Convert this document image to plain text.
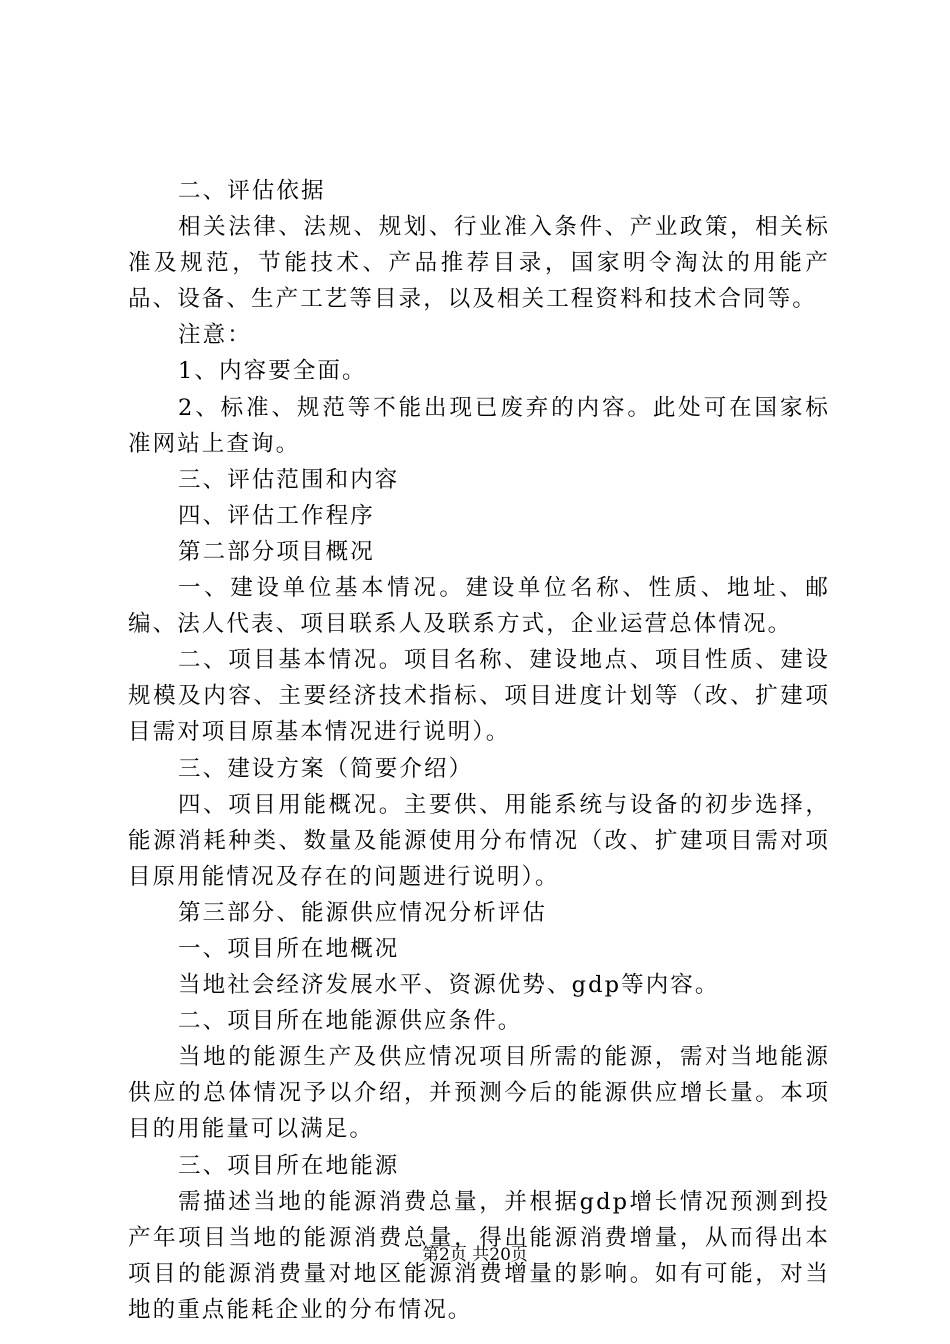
二、评估依据

相关法律、法规、规划、行业准入条件、产业政策，相关标准及规范，节能技术、产品推荐目录，国家明令淘汰的用能产品、设备、生产工艺等目录，以及相关工程资料和技术合同等。

注意：

1、内容要全面。

2、标准、规范等不能出现已废弃的内容。此处可在国家标准网站上查询。

三、评估范围和内容

四、评估工作程序

第二部分项目概况

一、建设单位基本情况。建设单位名称、性质、地址、邮编、法人代表、项目联系人及联系方式，企业运营总体情况。

二、项目基本情况。项目名称、建设地点、项目性质、建设规模及内容、主要经济技术指标、项目进度计划等（改、扩建项目需对项目原基本情况进行说明）。

三、建设方案（简要介绍）

四、项目用能概况。主要供、用能系统与设备的初步选择，能源消耗种类、数量及能源使用分布情况（改、扩建项目需对项目原用能情况及存在的问题进行说明）。

第三部分、能源供应情况分析评估

一、项目所在地概况

当地社会经济发展水平、资源优势、gdp等内容。

二、项目所在地能源供应条件。

当地的能源生产及供应情况项目所需的能源，需对当地能源供应的总体情况予以介绍，并预测今后的能源供应增长量。本项目的用能量可以满足。

三、项目所在地能源

需描述当地的能源消费总量，并根据gdp增长情况预测到投产年项目当地的能源消费总量，得出能源消费增量，从而得出本项目的能源消费量对地区能源消费增量的影响。如有可能，对当地的重点能耗企业的分布情况。

第2页 共20页
